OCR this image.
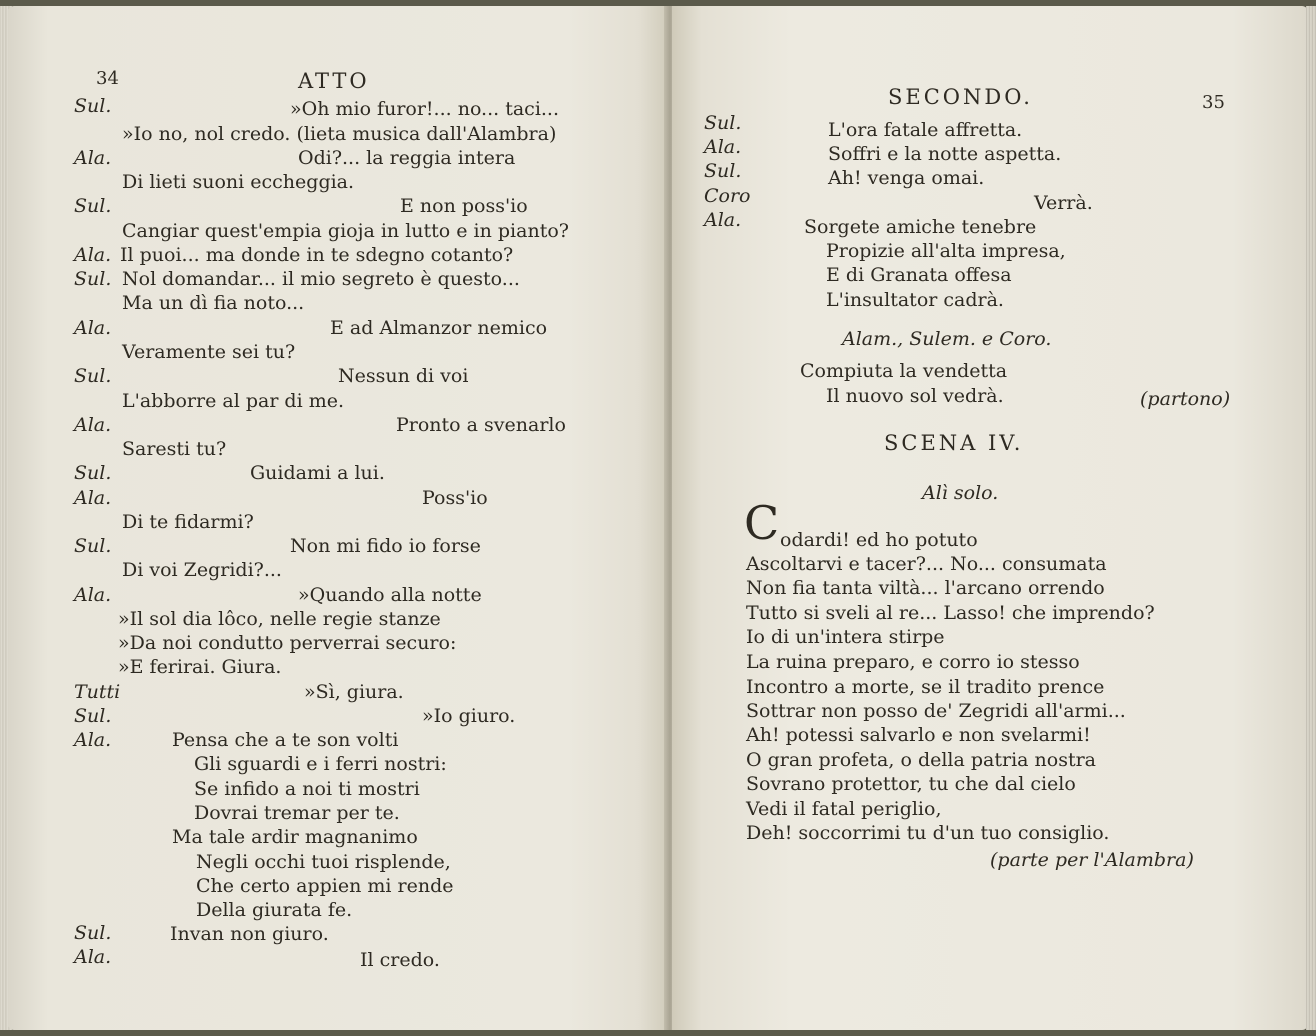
34	ATTO
Sul.	»Oh mio furor!... no... taci...
»Io no, nol credo. (lieta musica dall'Alambra)
Ala.	Odi?... la reggia intera
Di lieti suoni eccheggia.
Sul.	E non poss'io
Cangiar quest'empia gioja in lutto e in pianto?
Ala. Il puoi... ma donde in te sdegno cotanto?
Sul. Nol domandar... il mio segreto è questo...
Ma un dì fia noto...
Ala.	E ad Almanzor nemico
Veramente sei tu?
Sul.	Nessun di voi
L'abborre al par di me.
Ala.	Pronto a svenarlo
Saresti tu?
Sul.	Guidami a lui.
Ala.	Poss'io
Di te fidarmi?
Sul.	Non mi fido io forse
Di voi Zegridi?...
Ala.	»Quando alla notte
»Il sol dia lôco, nelle regie stanze
»Da noi condutto perverrai securo:
»E ferirai. Giura.
Tutti	»Sì, giura.
Sul.	»Io giuro.
Ala.	Pensa che a te son volti
Gli sguardi e i ferri nostri:
Se infido a noi ti mostri
Dovrai tremar per te.
Ma tale ardir magnanimo
Negli occhi tuoi risplende,
Che certo appien mi rende
Della giurata fe.
Sul.	Invan non giuro.
Ala.	Il credo.
SECONDO.	35
Sul.	L'ora fatale affretta.
Ala.	Soffri e la notte aspetta.
Sul.	Ah! venga omai.
Coro	Verrà.
Ala.	Sorgete amiche tenebre
Propizie all'alta impresa,
E di Granata offesa
L'insultator cadrà.
Alam., Sulem. e Coro.
Compiuta la vendetta
Il nuovo sol vedrà.	(partono)
SCENA IV.
Alì solo.
C odardi! ed ho potuto
Ascoltarvi e tacer?... No... consumata
Non fia tanta viltà... l'arcano orrendo
Tutto si sveli al re... Lasso! che imprendo?
Io di un'intera stirpe
La ruina preparo, e corro io stesso
Incontro a morte, se il tradito prence
Sottrar non posso de' Zegridi all'armi...
Ah! potessi salvarlo e non svelarmi!
O gran profeta, o della patria nostra
Sovrano protettor, tu che dal cielo
Vedi il fatal periglio,
Deh! soccorrimi tu d'un tuo consiglio.
(parte per l'Alambra)
